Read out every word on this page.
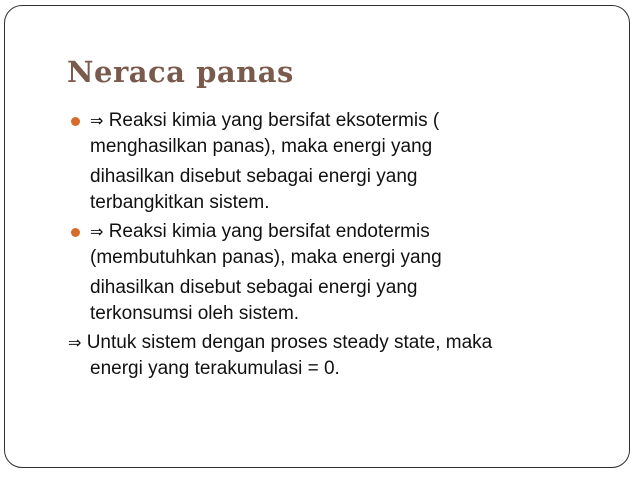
Neraca panas
⇒ Reaksi kimia yang bersifat eksotermis (
menghasilkan panas), maka energi yang
dihasilkan disebut sebagai energi yang
terbangkitkan sistem.
⇒ Reaksi kimia yang bersifat endotermis
(membutuhkan panas), maka energi yang
dihasilkan disebut sebagai energi yang
terkonsumsi oleh sistem.
⇒ Untuk sistem dengan proses steady state, maka
energi yang terakumulasi = 0.
